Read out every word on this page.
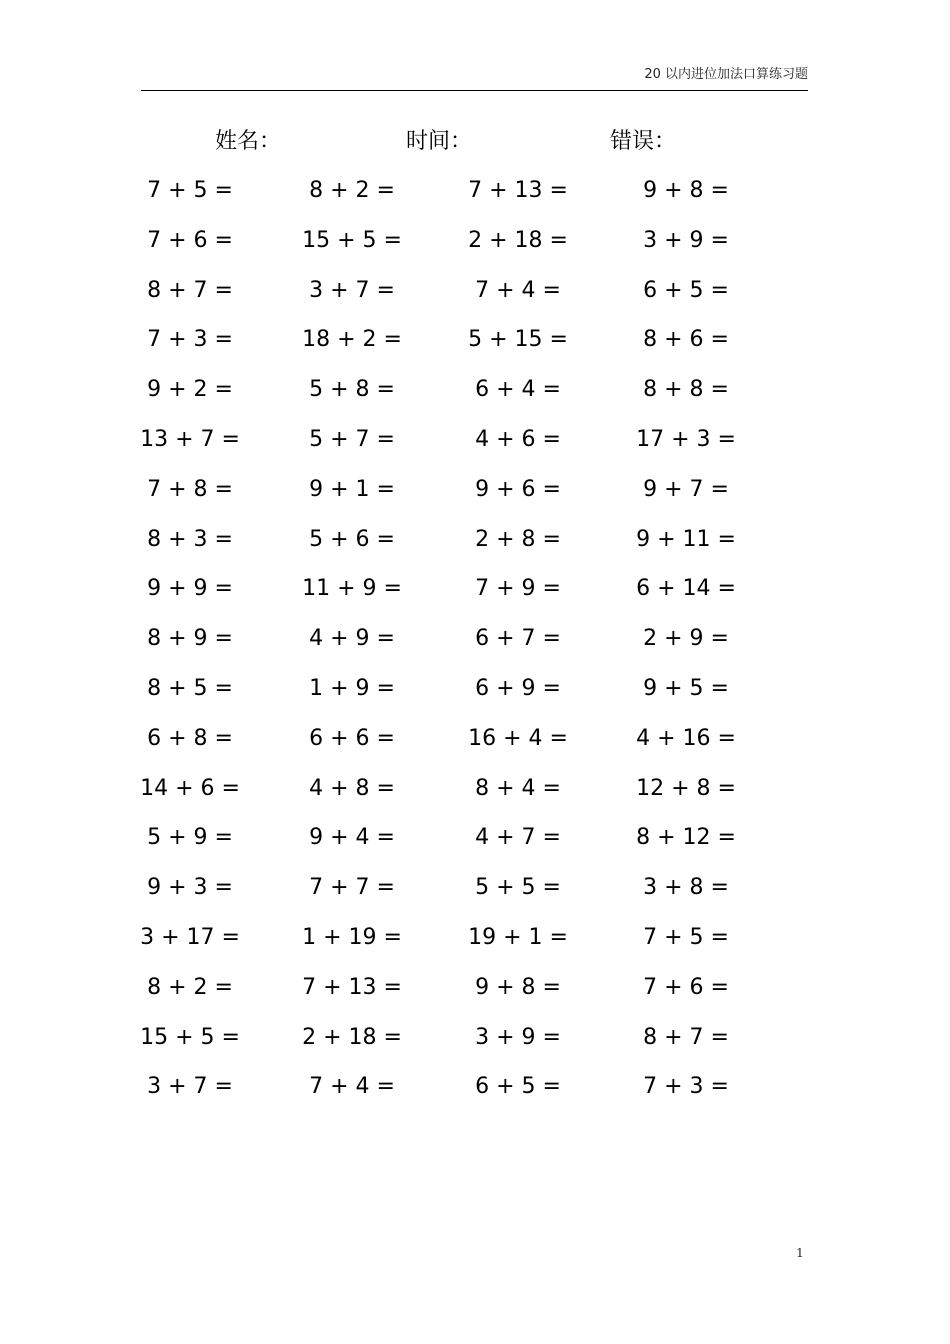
20 以内进位加法口算练习题
姓名：	时间：	错误：
7 + 5 =	8 + 2 =	7 + 13 =	9 + 8 =
7 + 6 =	15 + 5 =	2 + 18 =	3 + 9 =
8 + 7 =	3 + 7 =	7 + 4 =	6 + 5 =
7 + 3 =	18 + 2 =	5 + 15 =	8 + 6 =
9 + 2 =	5 + 8 =	6 + 4 =	8 + 8 =
13 + 7 =	5 + 7 =	4 + 6 =	17 + 3 =
7 + 8 =	9 + 1 =	9 + 6 =	9 + 7 =
8 + 3 =	5 + 6 =	2 + 8 =	9 + 11 =
9 + 9 =	11 + 9 =	7 + 9 =	6 + 14 =
8 + 9 =	4 + 9 =	6 + 7 =	2 + 9 =
8 + 5 =	1 + 9 =	6 + 9 =	9 + 5 =
6 + 8 =	6 + 6 =	16 + 4 =	4 + 16 =
14 + 6 =	4 + 8 =	8 + 4 =	12 + 8 =
5 + 9 =	9 + 4 =	4 + 7 =	8 + 12 =
9 + 3 =	7 + 7 =	5 + 5 =	3 + 8 =
3 + 17 =	1 + 19 =	19 + 1 =	7 + 5 =
8 + 2 =	7 + 13 =	9 + 8 =	7 + 6 =
15 + 5 =	2 + 18 =	3 + 9 =	8 + 7 =
3 + 7 =	7 + 4 =	6 + 5 =	7 + 3 =
1
